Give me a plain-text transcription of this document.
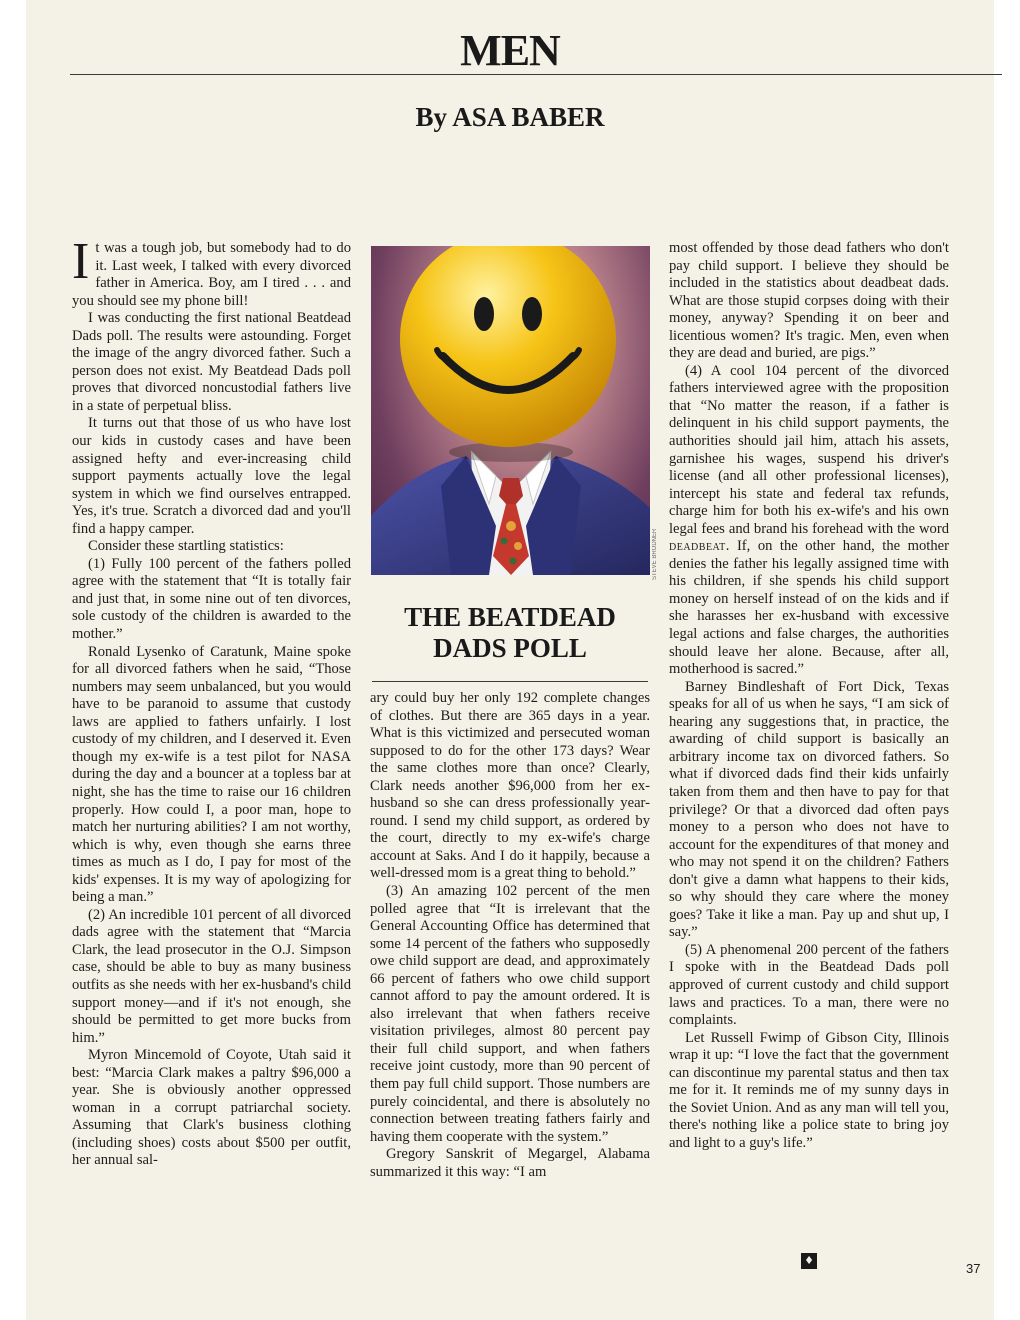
MEN
By ASA BABER

It was a tough job, but somebody had to do it. Last week, I talked with every divorced father in America. Boy, am I tired . . . and you should see my phone bill!

I was conducting the first national Beatdead Dads poll. The results were astounding. Forget the image of the angry divorced father. Such a person does not exist. My Beatdead Dads poll proves that divorced noncustodial fathers live in a state of perpetual bliss.

It turns out that those of us who have lost our kids in custody cases and have been assigned hefty and ever-increasing child support payments actually love the legal system in which we find ourselves entrapped. Yes, it's true. Scratch a divorced dad and you'll find a happy camper.

Consider these startling statistics:

(1) Fully 100 percent of the fathers polled agree with the statement that “It is totally fair and just that, in some nine out of ten divorces, sole custody of the children is awarded to the mother.”

Ronald Lysenko of Caratunk, Maine spoke for all divorced fathers when he said, “Those numbers may seem unbalanced, but you would have to be paranoid to assume that custody laws are applied to fathers unfairly. I lost custody of my children, and I deserved it. Even though my ex-wife is a test pilot for NASA during the day and a bouncer at a topless bar at night, she has the time to raise our 16 children properly. How could I, a poor man, hope to match her nurturing abilities? I am not worthy, which is why, even though she earns three times as much as I do, I pay for most of the kids' expenses. It is my way of apologizing for being a man.”

(2) An incredible 101 percent of all divorced dads agree with the statement that “Marcia Clark, the lead prosecutor in the O.J. Simpson case, should be able to buy as many business outfits as she needs with her ex-husband's child support money—and if it's not enough, she should be permitted to get more bucks from him.”

Myron Mincemold of Coyote, Utah said it best: “Marcia Clark makes a paltry $96,000 a year. She is obviously another oppressed woman in a corrupt patriarchal society. Assuming that Clark's business clothing (including shoes) costs about $500 per outfit, her annual sal-

STEVE BRODNER
THE BEATDEAD DADS POLL

ary could buy her only 192 complete changes of clothes. But there are 365 days in a year. What is this victimized and persecuted woman supposed to do for the other 173 days? Wear the same clothes more than once? Clearly, Clark needs another $96,000 from her ex-husband so she can dress professionally year-round. I send my child support, as ordered by the court, directly to my ex-wife's charge account at Saks. And I do it happily, because a well-dressed mom is a great thing to behold.”

(3) An amazing 102 percent of the men polled agree that “It is irrelevant that the General Accounting Office has determined that some 14 percent of the fathers who supposedly owe child support are dead, and approximately 66 percent of fathers who owe child support cannot afford to pay the amount ordered. It is also irrelevant that when fathers receive visitation privileges, almost 80 percent pay their full child support, and when fathers receive joint custody, more than 90 percent of them pay full child support. Those numbers are purely coincidental, and there is absolutely no connection between treating fathers fairly and having them cooperate with the system.”

Gregory Sanskrit of Megargel, Alabama summarized it this way: “I am

most offended by those dead fathers who don't pay child support. I believe they should be included in the statistics about deadbeat dads. What are those stupid corpses doing with their money, anyway? Spending it on beer and licentious women? It's tragic. Men, even when they are dead and buried, are pigs.”

(4) A cool 104 percent of the divorced fathers interviewed agree with the proposition that “No matter the reason, if a father is delinquent in his child support payments, the authorities should jail him, attach his assets, garnishee his wages, suspend his driver's license (and all other professional licenses), intercept his state and federal tax refunds, charge him for both his ex-wife's and his own legal fees and brand his forehead with the word deadbeat. If, on the other hand, the mother denies the father his legally assigned time with his children, if she spends his child support money on herself instead of on the kids and if she harasses her ex-husband with excessive legal actions and false charges, the authorities should leave her alone. Because, after all, motherhood is sacred.”

Barney Bindleshaft of Fort Dick, Texas speaks for all of us when he says, “I am sick of hearing any suggestions that, in practice, the awarding of child support is basically an arbitrary income tax on divorced fathers. So what if divorced dads find their kids unfairly taken from them and then have to pay for that privilege? Or that a divorced dad often pays money to a person who does not have to account for the expenditures of that money and who may not spend it on the children? Fathers don't give a damn what happens to their kids, so why should they care where the money goes? Take it like a man. Pay up and shut up, I say.”

(5) A phenomenal 200 percent of the fathers I spoke with in the Beatdead Dads poll approved of current custody and child support laws and practices. To a man, there were no complaints.

Let Russell Fwimp of Gibson City, Illinois wrap it up: “I love the fact that the government can discontinue my parental status and then tax me for it. It reminds me of my sunny days in the Soviet Union. And as any man will tell you, there's nothing like a police state to bring joy and light to a guy's life.”

♦
37
